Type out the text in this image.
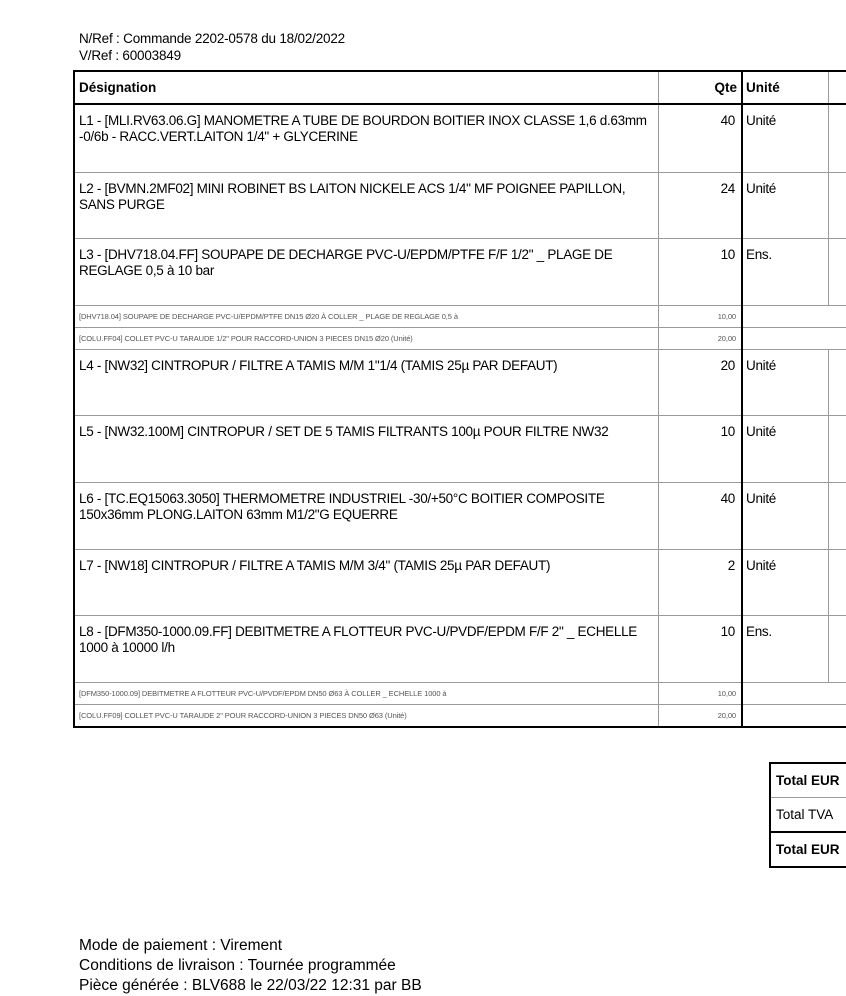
N/Ref : Commande 2202-0578 du 18/02/2022
V/Ref : 60003849
Désignation	Qte	Unité	
L1 - [MLI.RV63.06.G] MANOMETRE A TUBE DE BOURDON BOITIER INOX CLASSE 1,6 d.63mm -0/6b - RACC.VERT.LAITON 1/4" + GLYCERINE	40	Unité	
L2 - [BVMN.2MF02] MINI ROBINET BS LAITON NICKELE ACS 1/4" MF POIGNEE PAPILLON, SANS PURGE	24	Unité	
L3 - [DHV718.04.FF] SOUPAPE DE DECHARGE PVC-U/EPDM/PTFE F/F 1/2" _ PLAGE DE REGLAGE 0,5 à 10 bar	10	Ens.	
[DHV718.04] SOUPAPE DE DECHARGE PVC-U/EPDM/PTFE DN15 Ø20 À COLLER _ PLAGE DE REGLAGE 0,5 à	10,00		
[COLU.FF04] COLLET PVC-U TARAUDE 1/2" POUR RACCORD-UNION 3 PIECES DN15 Ø20 (Unité)	20,00		
L4 - [NW32] CINTROPUR / FILTRE A TAMIS M/M 1"1/4 (TAMIS 25µ PAR DEFAUT)	20	Unité	
L5 - [NW32.100M] CINTROPUR / SET DE 5 TAMIS FILTRANTS 100µ POUR FILTRE NW32	10	Unité	
L6 - [TC.EQ15063.3050] THERMOMETRE INDUSTRIEL -30/+50°C BOITIER COMPOSITE 150x36mm PLONG.LAITON 63mm M1/2"G EQUERRE	40	Unité	
L7 - [NW18] CINTROPUR / FILTRE A TAMIS M/M 3/4" (TAMIS 25µ PAR DEFAUT)	2	Unité	
L8 - [DFM350-1000.09.FF] DEBITMETRE A FLOTTEUR PVC-U/PVDF/EPDM F/F 2" _ ECHELLE 1000 à 10000 l/h	10	Ens.	
[DFM350-1000.09] DEBITMETRE A FLOTTEUR PVC-U/PVDF/EPDM DN50 Ø63 À COLLER _ ECHELLE 1000 à	10,00		
[COLU.FF09] COLLET PVC-U TARAUDE 2" POUR RACCORD-UNION 3 PIECES DN50 Ø63 (Unité)	20,00		
Total EUR
Total TVA
Total EUR
Mode de paiement : Virement
Conditions de livraison : Tournée programmée
Pièce générée : BLV688 le 22/03/22 12:31 par BB
